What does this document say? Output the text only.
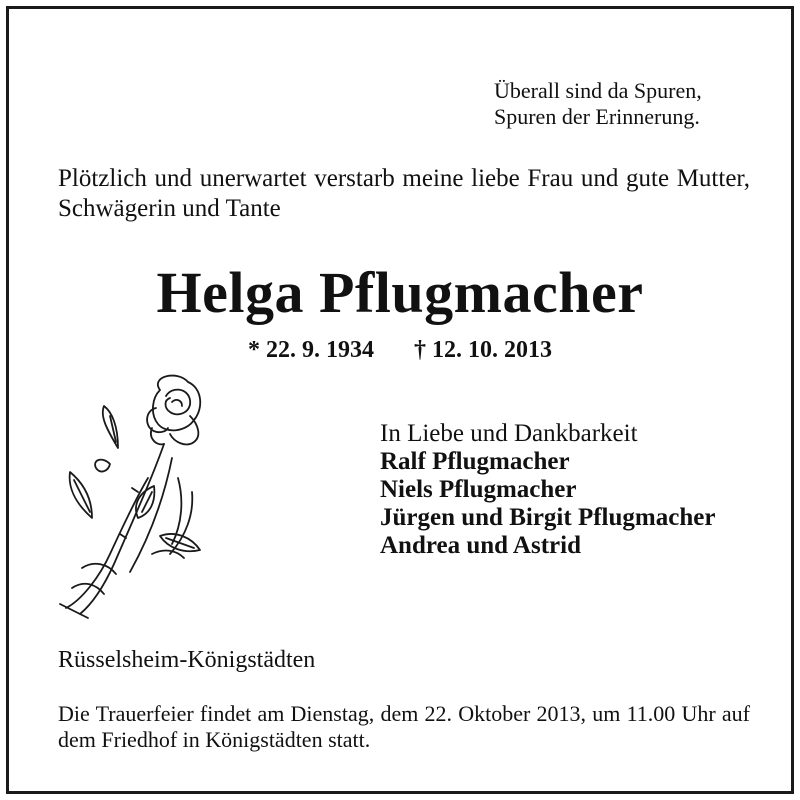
Überall sind da Spuren,
Spuren der Erinnerung.
Plötzlich und unerwartet verstarb meine liebe Frau und gute Mutter, Schwägerin und Tante
Helga Pflugmacher
* 22. 9. 1934 † 12. 10. 2013
In Liebe und Dankbarkeit
Ralf Pflugmacher
Niels Pflugmacher
Jürgen und Birgit Pflugmacher
Andrea und Astrid
Rüsselsheim-Königstädten
Die Trauerfeier findet am Dienstag, dem 22. Oktober 2013, um 11.00 Uhr auf dem Friedhof in Königstädten statt.
